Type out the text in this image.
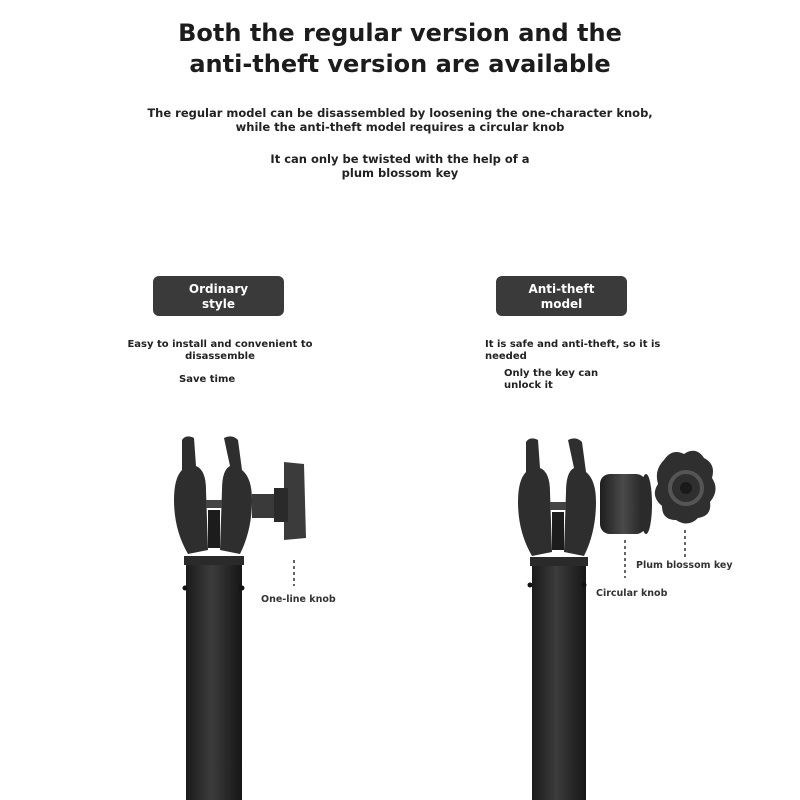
Both the regular version and the
anti-theft version are available
The regular model can be disassembled by loosening the one-character knob,
while the anti-theft model requires a circular knob
It can only be twisted with the help of a
plum blossom key
Ordinary
style
Easy to install and convenient to
disassemble
Save time
Anti-theft
model
It is safe and anti-theft, so it is
needed
Only the key can
unlock it
One-line knob
Circular knob
Plum blossom key
